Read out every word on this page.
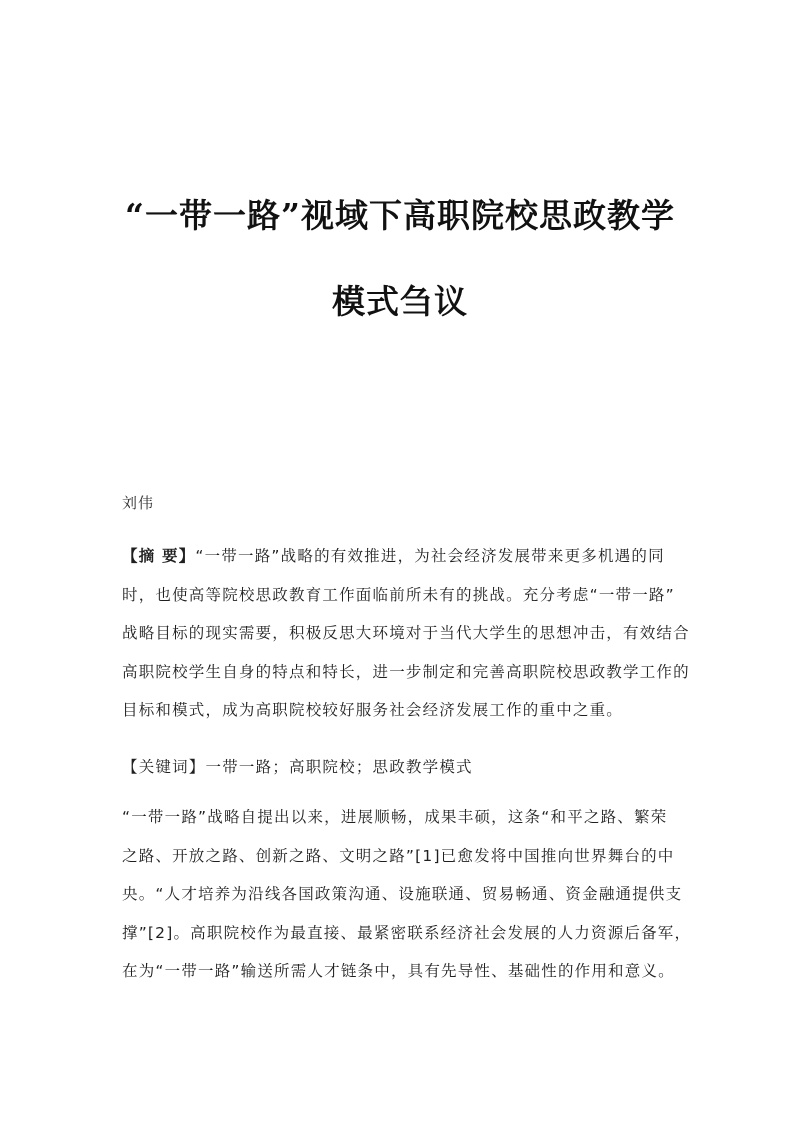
“一带一路”视域下高职院校思政教学
模式刍议
刘伟
【摘 要】“一带一路”战略的有效推进，为社会经济发展带来更多机遇的同
时，也使高等院校思政教育工作面临前所未有的挑战。充分考虑“一带一路”
战略目标的现实需要，积极反思大环境对于当代大学生的思想冲击，有效结合
高职院校学生自身的特点和特长，进一步制定和完善高职院校思政教学工作的
目标和模式，成为高职院校较好服务社会经济发展工作的重中之重。
【关键词】一带一路；高职院校；思政教学模式
“一带一路”战略自提出以来，进展顺畅，成果丰硕，这条“和平之路、繁荣
之路、开放之路、创新之路、文明之路”[1]已愈发将中国推向世界舞台的中
央。“人才培养为沿线各国政策沟通、设施联通、贸易畅通、资金融通提供支
撑”[2]。高职院校作为最直接、最紧密联系经济社会发展的人力资源后备军，
在为“一带一路”输送所需人才链条中，具有先导性、基础性的作用和意义。
